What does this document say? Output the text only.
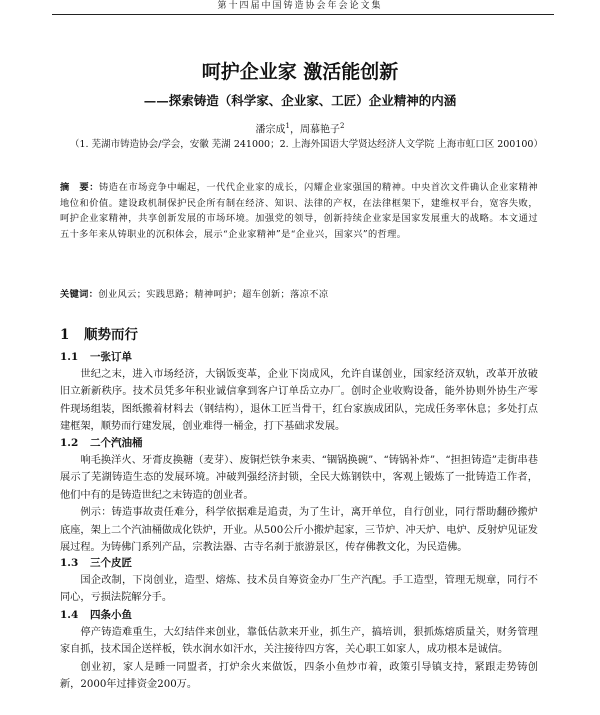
第十四届中国铸造协会年会论文集
呵护企业家 激活能创新
——探索铸造（科学家、企业家、工匠）企业精神的内涵
潘宗成$^1$，周慕艳子$^2$
（1. 芜湖市铸造协会/学会，安徽 芜湖 241000；2. 上海外国语大学贤达经济人文学院 上海市虹口区 200100）
摘　要：铸造在市场竞争中崛起，一代代企业家的成长，闪耀企业家强国的精神。中央首次文件确认企业家精神地位和价值。建设政机制保护民企所有制在经济、知识、法律的产权，在法律框架下，建维权平台，宽容失败，呵护企业家精神，共享创新发展的市场环境。加强党的领导，创新持续企业家是国家发展重大的战略。本文通过五十多年来从铸职业的沉积体会，展示“企业家精神”是“企业兴，国家兴”的哲理。
关键词：创业风云；实践思路；精神呵护；超车创新；落凉不凉
1 顺势而行
1.1 一张订单

世纪之末，进入市场经济，大锅饭变革，企业下岗成风，允许自谋创业，国家经济双轨，改革开放破旧立新新秩序。技术员凭多年积业诚信拿到客户订单岳立办厂。创时企业收购设备，能外协则外协生产零件现场组装，图纸搬着材料去（钢结构），退休工匠当骨干，红台家族成团队，完成任务率休息；多处打点建框架，顺势而行建发展，创业难得一桶金，打下基础求发展。

1.2 二个汽油桶

响毛换洋火、牙膏皮换糖（麦芽）、废铜烂铁争来卖、“锢锅换碗”、“铸锅补炸”、“担担铸造”走街串巷展示了芜湖铸造生态的发展环境。冲破判强经济封锁，全民大炼钢铁中，客观上锻炼了一批铸造工作者，他们中有的是铸造世纪之末铸造的创业者。

例示：铸造事故责任难分，科学依据难是追责，为了生计，离开单位，自行创业，同行帮助翻砂搬炉底座，架上二个汽油桶做成化铁炉，开业。从500公斤小搬炉起家，三节炉、冲天炉、电炉、反射炉见证发展过程。为铸佛门系列产品，宗教法器、古寺名刹于旅游景区，传存佛教文化，为民造佛。

1.3 三个皮匠

国企改制，下岗创业，造型、熔炼、技术员自筹资金办厂生产汽配。手工造型，管理无规章，同行不同心，亏损法院解分手。

1.4 四条小鱼

停产铸造难重生，大幻结伴来创业，靠低估款来开业，抓生产，搞培训，狠抓炼熔质量关，财务管理家自抓，技术国企送样板，铁水润水如汗水，关注接待四方客，关心职工如家人，成功根本是诚信。

创业初，家人是睡一同盟者，打炉余火来做饭，四条小鱼炒市着，政策引导镇支持，紧跟走势铸创新，2000年过排资金200万。
